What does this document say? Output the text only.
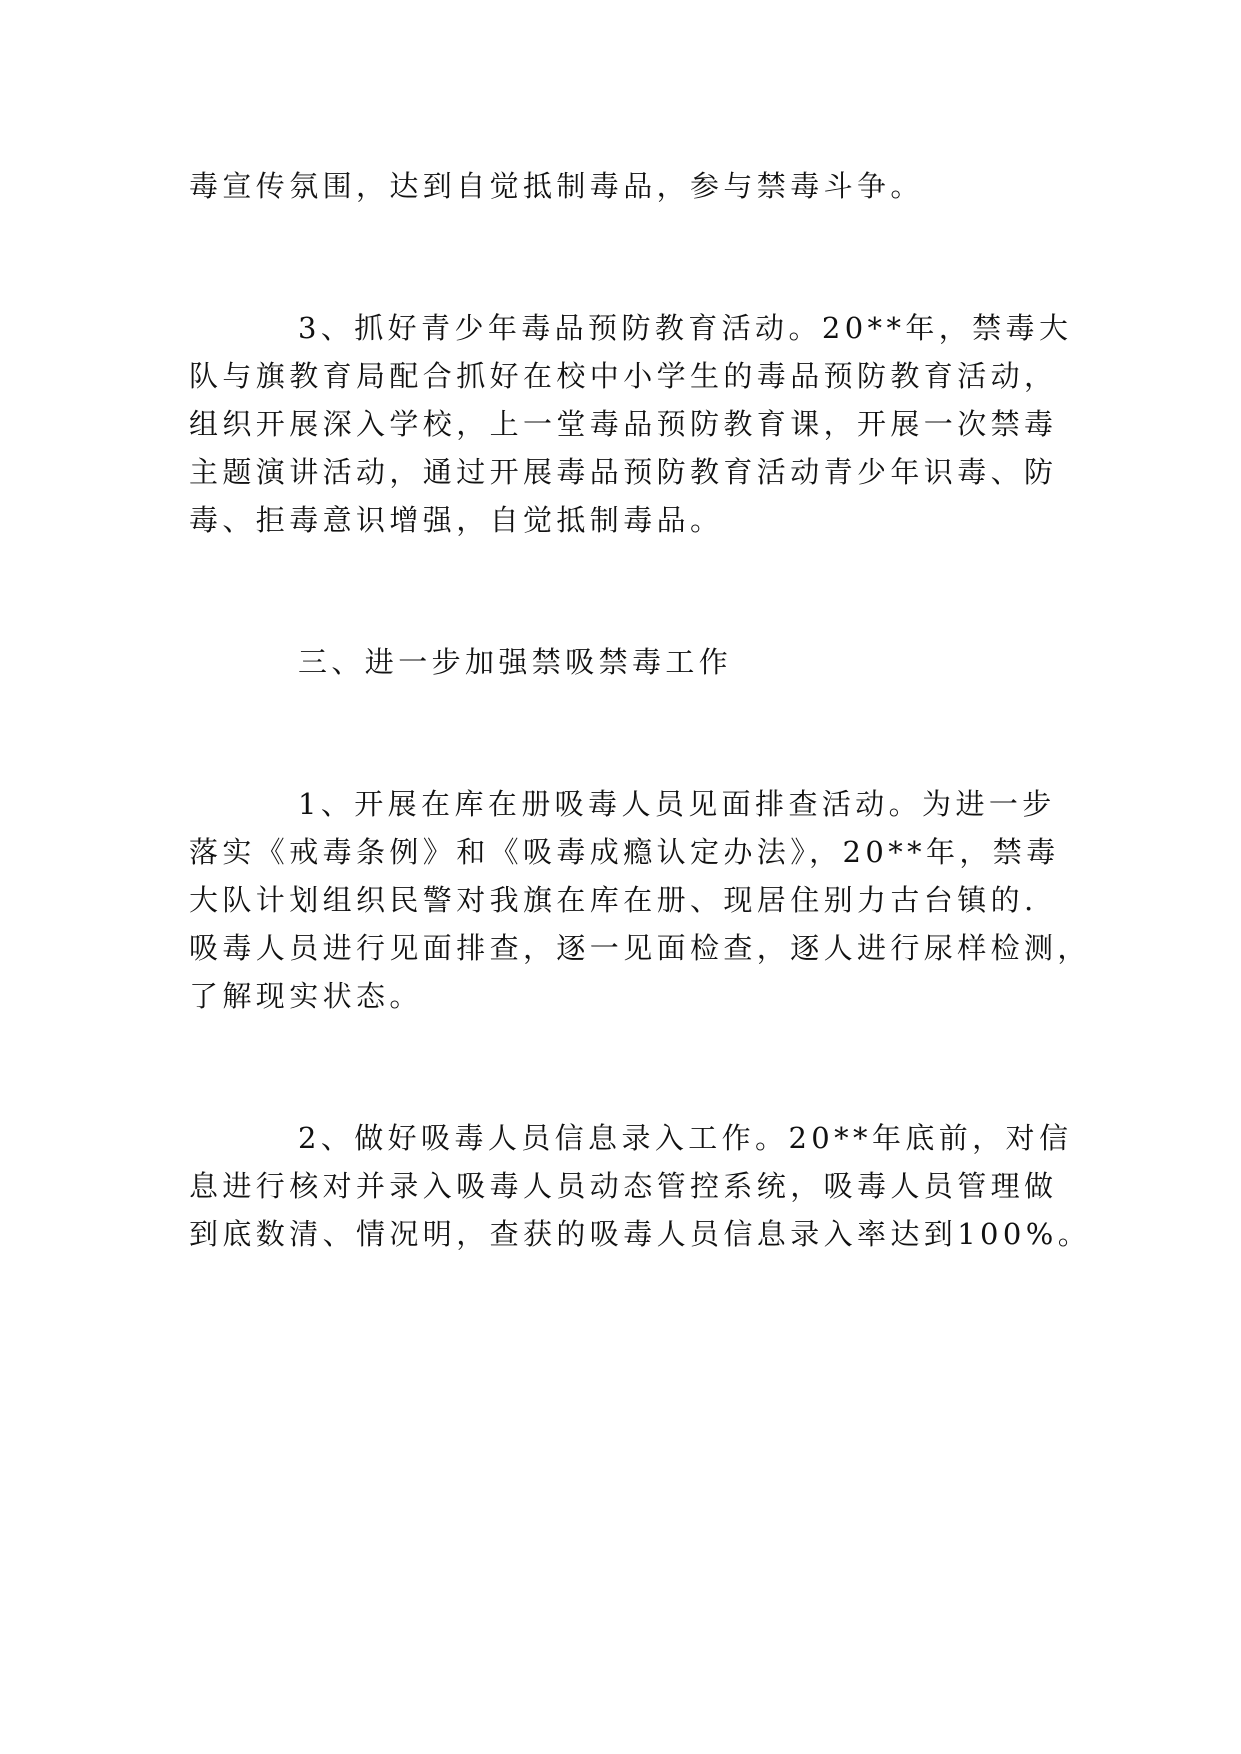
毒宣传氛围，达到自觉抵制毒品，参与禁毒斗争。
3、抓好青少年毒品预防教育活动。20**年，禁毒大
队与旗教育局配合抓好在校中小学生的毒品预防教育活动，
组织开展深入学校，上一堂毒品预防教育课，开展一次禁毒
主题演讲活动，通过开展毒品预防教育活动青少年识毒、防
毒、拒毒意识增强，自觉抵制毒品。
三、进一步加强禁吸禁毒工作
1、开展在库在册吸毒人员见面排查活动。为进一步
落实《戒毒条例》和《吸毒成瘾认定办法》，20**年，禁毒
大队计划组织民警对我旗在库在册、现居住别力古台镇的.
吸毒人员进行见面排查，逐一见面检查，逐人进行尿样检测，
了解现实状态。
2、做好吸毒人员信息录入工作。20**年底前，对信
息进行核对并录入吸毒人员动态管控系统，吸毒人员管理做
到底数清、情况明，查获的吸毒人员信息录入率达到100%。
